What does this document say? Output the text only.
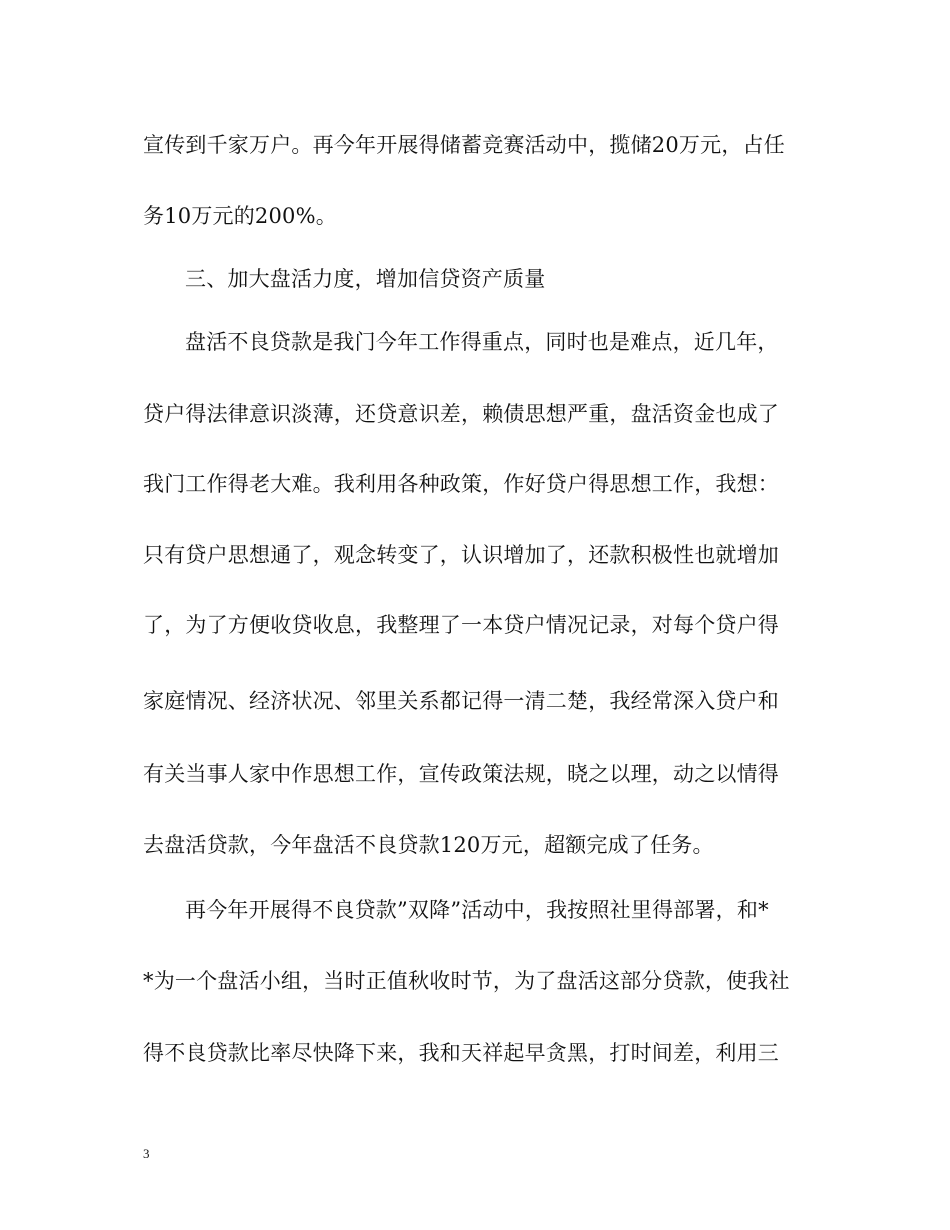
宣传到千家万户。再今年开展得储蓄竞赛活动中，揽储20万元，占任
务10万元的200%。
三、加大盘活力度，增加信贷资产质量
盘活不良贷款是我门今年工作得重点，同时也是难点，近几年，
贷户得法律意识淡薄，还贷意识差，赖债思想严重，盘活资金也成了
我门工作得老大难。我利用各种政策，作好贷户得思想工作，我想：
只有贷户思想通了，观念转变了，认识增加了，还款积极性也就增加
了，为了方便收贷收息，我整理了一本贷户情况记录，对每个贷户得
家庭情况、经济状况、邻里关系都记得一清二楚，我经常深入贷户和
有关当事人家中作思想工作，宣传政策法规，晓之以理，动之以情得
去盘活贷款，今年盘活不良贷款120万元，超额完成了任务。
再今年开展得不良贷款”双降”活动中，我按照社里得部署，和*
*为一个盘活小组，当时正值秋收时节，为了盘活这部分贷款，使我社
得不良贷款比率尽快降下来，我和天祥起早贪黑，打时间差，利用三
3
